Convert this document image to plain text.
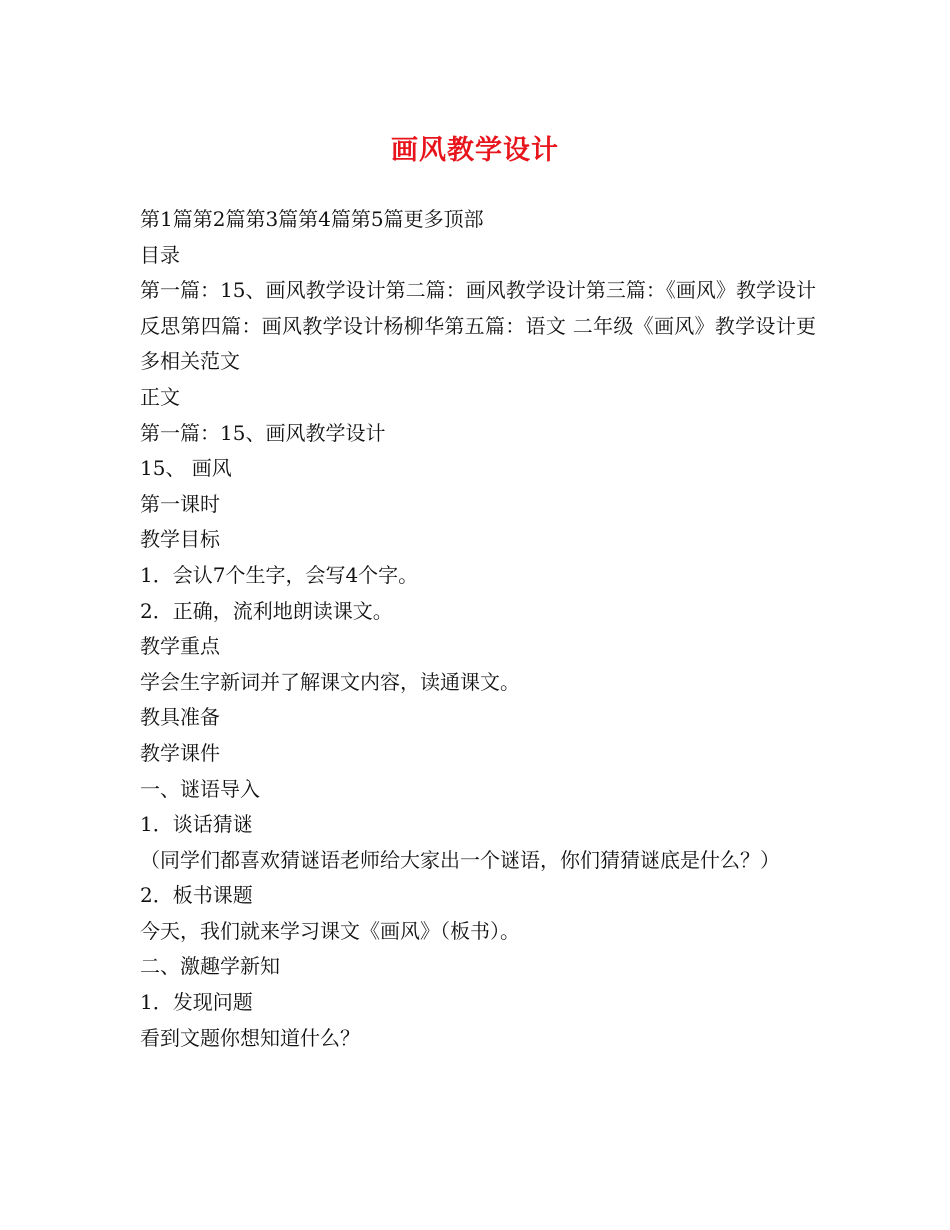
画风教学设计
第1篇第2篇第3篇第4篇第5篇更多顶部
目录
第一篇：15、画风教学设计第二篇：画风教学设计第三篇：《画风》教学设计反思第四篇：画风教学设计杨柳华第五篇：语文 二年级《画风》教学设计更多相关范文
正文
第一篇：15、画风教学设计
15、 画风
第一课时
教学目标
1．会认7个生字，会写4个字。
2．正确，流利地朗读课文。
教学重点
学会生字新词并了解课文内容，读通课文。
教具准备
教学课件
一、谜语导入
1．谈话猜谜
（同学们都喜欢猜谜语老师给大家出一个谜语，你们猜猜谜底是什么？）
2．板书课题
今天，我们就来学习课文《画风》（板书）。
二、激趣学新知
1．发现问题
看到文题你想知道什么？
